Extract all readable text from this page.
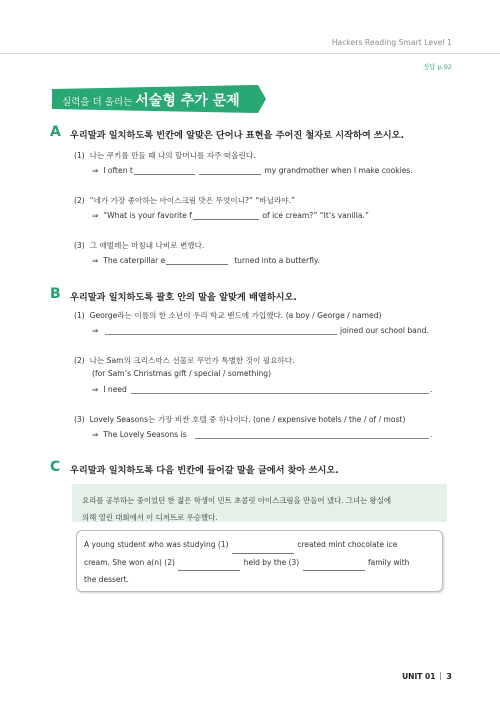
Hackers Reading Smart Level 1
정답 p.92
실력을 더 올리는 서술형 추가 문제
A 우리말과 일치하도록 빈칸에 알맞은 단어나 표현을 주어진 철자로 시작하여 쓰시오.
(1) 나는 쿠키를 만들 때 나의 할머니를 자주 떠올린다.
⇒ I often t	my grandmother when I make cookies.
(2) “네가 가장 좋아하는 아이스크림 맛은 무엇이니?” “바닐라야.”
⇒ “What is your favorite f	of ice cream?” “It’s vanilla.”
(3) 그 애벌레는 마침내 나비로 변했다.
⇒ The caterpillar e	turned into a butterfly.
B 우리말과 일치하도록 괄호 안의 말을 알맞게 배열하시오.
(1) George라는 이름의 한 소년이 우리 학교 밴드에 가입했다. (a boy / George / named)
⇒	joined our school band.
(2) 나는 Sam의 크리스마스 선물로 무언가 특별한 것이 필요하다.
(for Sam’s Christmas gift / special / something)
⇒ I need	.
(3) Lovely Seasons는 가장 비싼 호텔 중 하나이다. (one / expensive hotels / the / of / most)
⇒ The Lovely Seasons is	.
C 우리말과 일치하도록 다음 빈칸에 들어갈 말을 글에서 찾아 쓰시오.
요리를 공부하는 중이었던 한 젊은 학생이 민트 초콜릿 아이스크림을 만들어 냈다. 그녀는 왕실에
의해 열린 대회에서 이 디저트로 우승했다.
A young student who was studying (1)	created mint chocolate ice
cream. She won a(n) (2)	held by the (3)	family with
the dessert.
UNIT 01 3
